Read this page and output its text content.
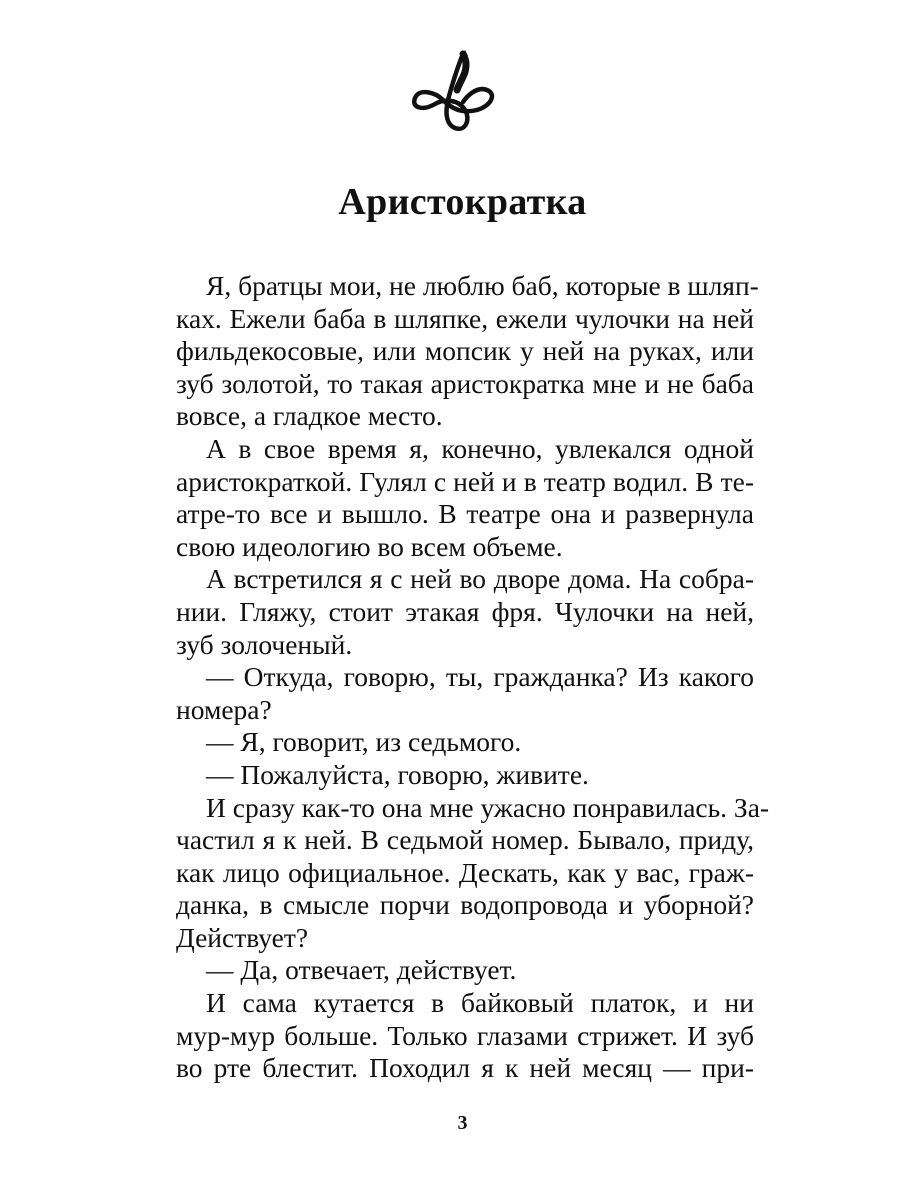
Аристократка
Я, братцы мои, не люблю баб, которые в шляп-
ках. Ежели баба в шляпке, ежели чулочки на ней
фильдекосовые, или мопсик у ней на руках, или
зуб золотой, то такая аристократка мне и не баба
вовсе, а гладкое место.
А в свое время я, конечно, увлекался одной
аристократкой. Гулял с ней и в театр водил. В те-
атре-то все и вышло. В театре она и развернула
свою идеологию во всем объеме.
А встретился я с ней во дворе дома. На собра-
нии. Гляжу, стоит этакая фря. Чулочки на ней,
зуб золоченый.
— Откуда, говорю, ты, гражданка? Из какого
номера?
— Я, говорит, из седьмого.
— Пожалуйста, говорю, живите.
И сразу как-то она мне ужасно понравилась. За-
частил я к ней. В седьмой номер. Бывало, приду,
как лицо официальное. Дескать, как у вас, граж-
данка, в смысле порчи водопровода и уборной?
Действует?
— Да, отвечает, действует.
И сама кутается в байковый платок, и ни
мур-мур больше. Только глазами стрижет. И зуб
во рте блестит. Походил я к ней месяц — при-
3
